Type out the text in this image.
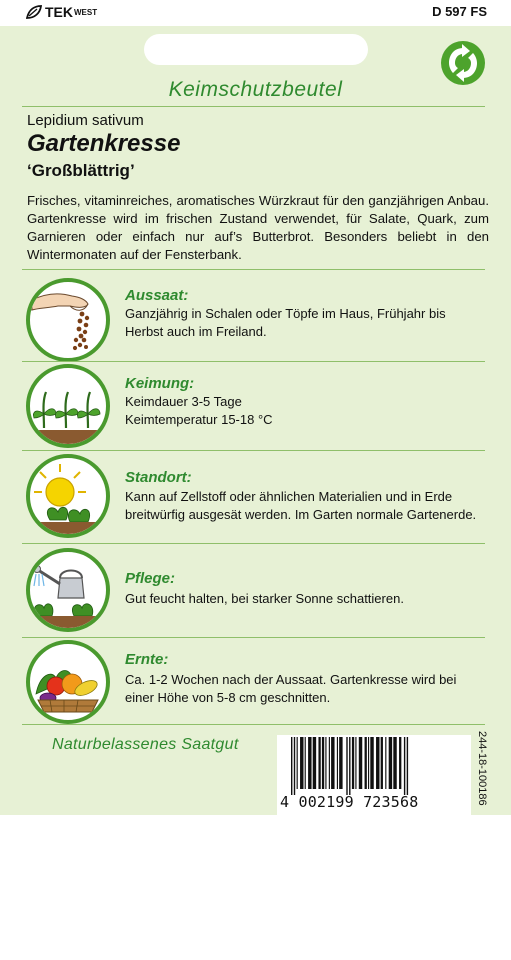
TEK WEST	D 597 FS
Keimschutzbeutel
Lepidium sativum
Gartenkresse
‘Großblättrig’
Frisches, vitaminreiches, aromatisches Würzkraut für den ganzjährigen Anbau. Gartenkresse wird im frischen Zustand verwendet, für Salate, Quark, zum Garnieren oder einfach nur auf’s Butterbrot. Besonders beliebt in den Wintermonaten auf der Fensterbank.
Aussaat:
Ganzjährig in Schalen oder Töpfe im Haus, Frühjahr bis Herbst auch im Freiland.
Keimung:
Keimdauer 3-5 Tage
Keimtemperatur 15-18 °C
Standort:
Kann auf Zellstoff oder ähnlichen Materialien und in Erde breitwürfig ausgesät werden. Im Garten normale Gartenerde.
Pflege:
Gut feucht halten, bei starker Sonne schattieren.
Ernte:
Ca. 1-2 Wochen nach der Aussaat. Gartenkresse wird bei einer Höhe von 5-8 cm geschnitten.
Naturbelassenes Saatgut
4 002199 723568	244-18-100186
